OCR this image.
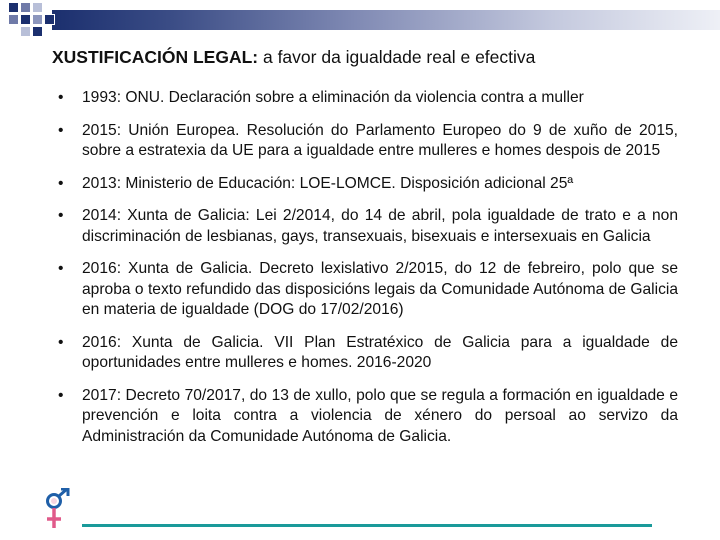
XUSTIFICACIÓN LEGAL: a favor da igualdade real e efectiva
• 1993: ONU. Declaración sobre a eliminación da violencia contra a muller
• 2015: Unión Europea. Resolución do Parlamento Europeo do 9 de xuño de 2015, sobre a estratexia da UE para a igualdade entre mulleres e homes despois de 2015
• 2013: Ministerio de Educación: LOE-LOMCE. Disposición adicional 25ª
• 2014: Xunta de Galicia: Lei 2/2014, do 14 de abril, pola igualdade de trato e a non discriminación de lesbianas, gays, transexuais, bisexuais e intersexuais en Galicia
• 2016: Xunta de Galicia. Decreto lexislativo 2/2015, do 12 de febreiro, polo que se aproba o texto refundido das disposicións legais da Comunidade Autónoma de Galicia en materia de igualdade (DOG do 17/02/2016)
• 2016: Xunta de Galicia. VII Plan Estratéxico de Galicia para a igualdade de oportunidades entre mulleres e homes. 2016-2020
• 2017: Decreto 70/2017, do 13 de xullo, polo que se regula a formación en igualdade e prevención e loita contra a violencia de xénero do persoal ao servizo da Administración da Comunidade Autónoma de Galicia.
